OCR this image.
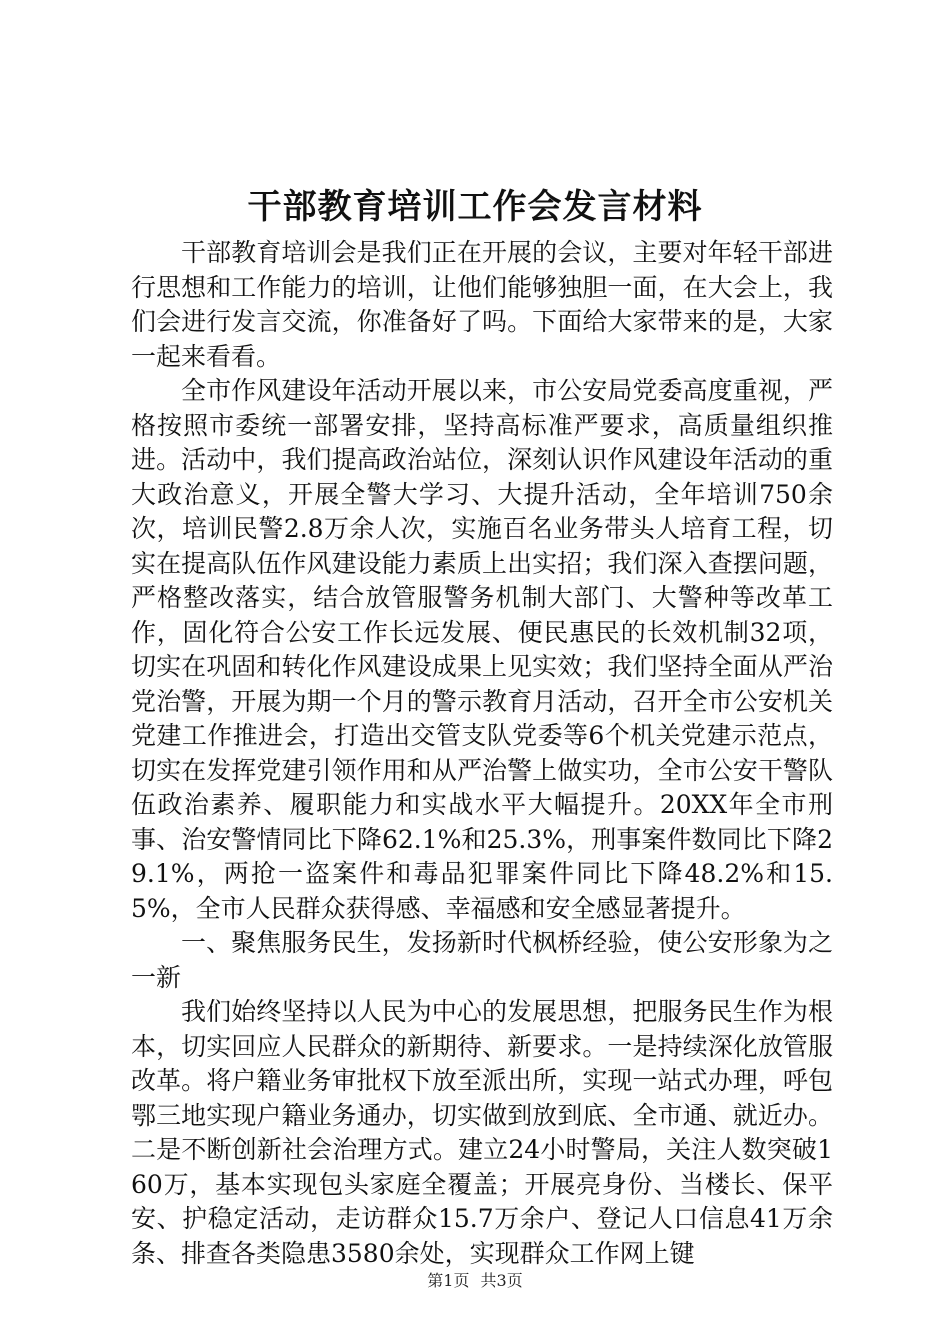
干部教育培训工作会发言材料

干部教育培训会是我们正在开展的会议，主要对年轻干部进行思想和工作能力的培训，让他们能够独胆一面，在大会上，我们会进行发言交流，你准备好了吗。下面给大家带来的是，大家一起来看看。

全市作风建设年活动开展以来，市公安局党委高度重视，严格按照市委统一部署安排，坚持高标准严要求，高质量组织推进。活动中，我们提高政治站位，深刻认识作风建设年活动的重大政治意义，开展全警大学习、大提升活动，全年培训750余次，培训民警2.8万余人次，实施百名业务带头人培育工程，切实在提高队伍作风建设能力素质上出实招；我们深入查摆问题，严格整改落实，结合放管服警务机制大部门、大警种等改革工作，固化符合公安工作长远发展、便民惠民的长效机制32项，切实在巩固和转化作风建设成果上见实效；我们坚持全面从严治党治警，开展为期一个月的警示教育月活动，召开全市公安机关党建工作推进会，打造出交管支队党委等6个机关党建示范点，切实在发挥党建引领作用和从严治警上做实功，全市公安干警队伍政治素养、履职能力和实战水平大幅提升。20XX年全市刑事、治安警情同比下降62.1%和25.3%，刑事案件数同比下降29.1%，两抢一盗案件和毒品犯罪案件同比下降48.2%和15.5%，全市人民群众获得感、幸福感和安全感显著提升。

一、聚焦服务民生，发扬新时代枫桥经验，使公安形象为之一新

我们始终坚持以人民为中心的发展思想，把服务民生作为根本，切实回应人民群众的新期待、新要求。一是持续深化放管服改革。将户籍业务审批权下放至派出所，实现一站式办理，呼包鄂三地实现户籍业务通办，切实做到放到底、全市通、就近办。二是不断创新社会治理方式。建立24小时警局，关注人数突破160万，基本实现包头家庭全覆盖；开展亮身份、当楼长、保平安、护稳定活动，走访群众15.7万余户、登记人口信息41万余条、排查各类隐患3580余处，实现群众工作网上键

第1页 共3页
